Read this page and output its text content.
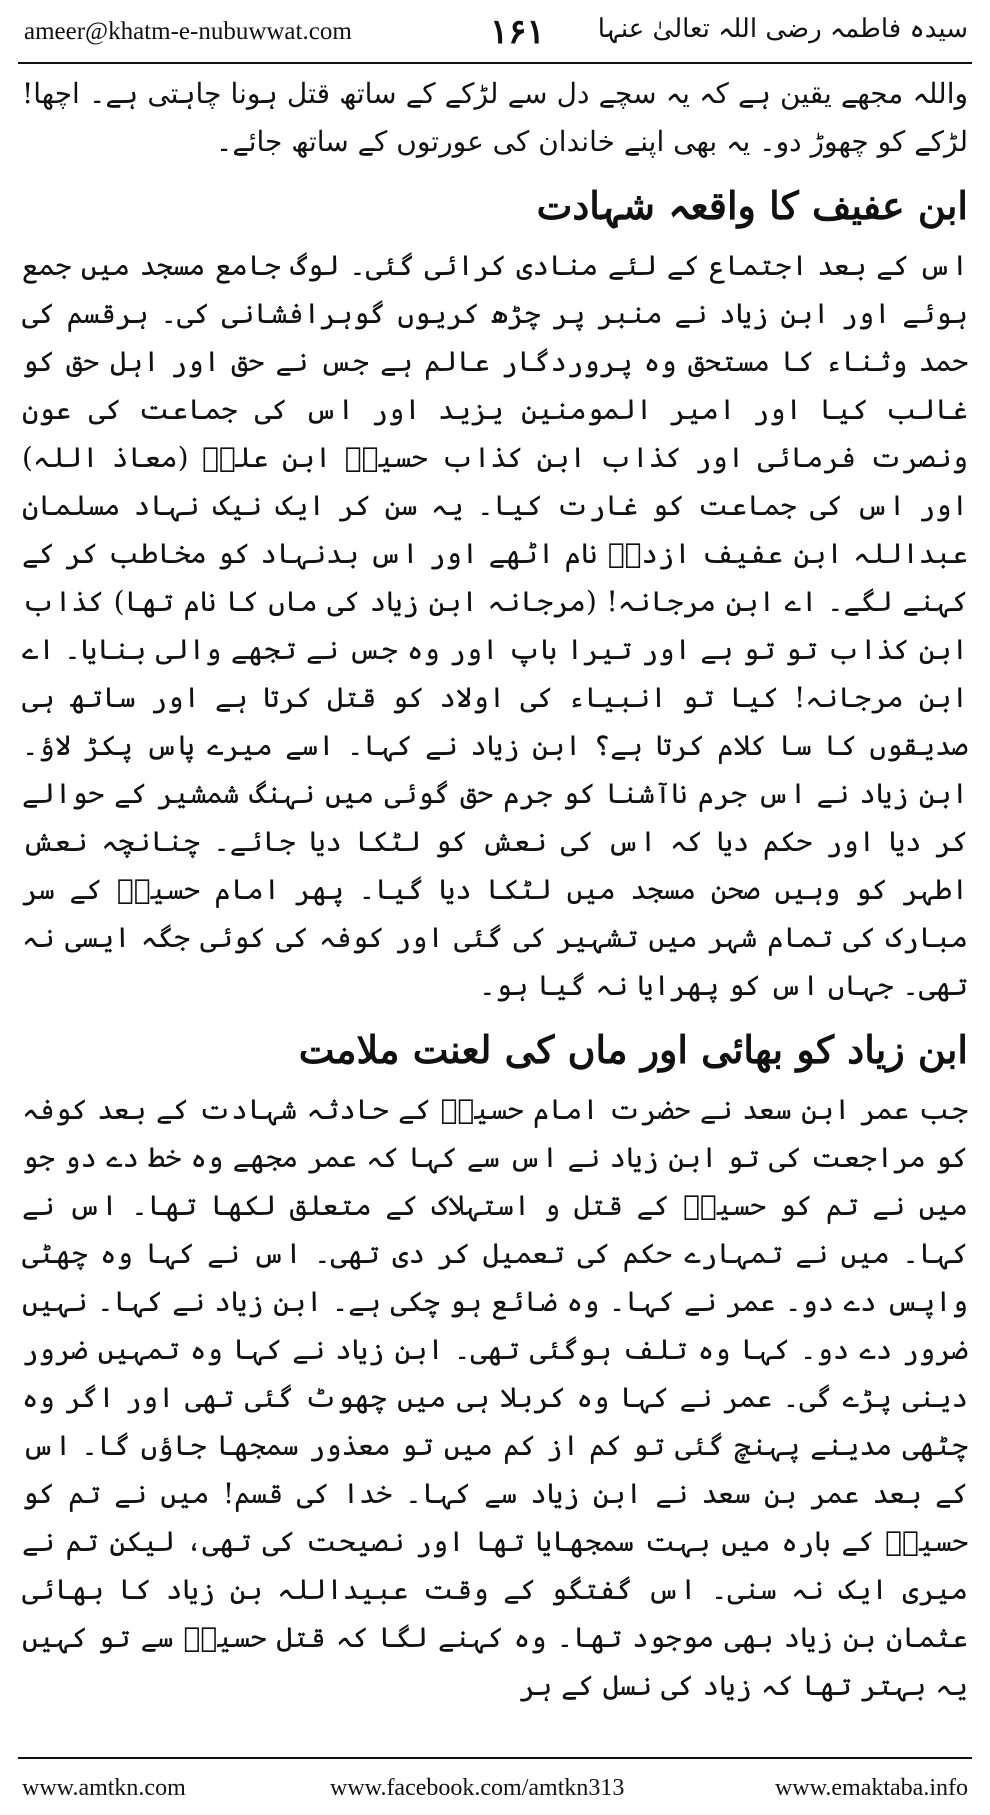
ameer@khatm-e-nubuwwat.com	۱۶۱ سیدہ فاطمہ رضی اللہ تعالیٰ عنہا

واللہ مجھے یقین ہے کہ یہ سچے دل سے لڑکے کے ساتھ قتل ہونا چاہتی ہے۔ اچھا! لڑکے کو چھوڑ دو۔ یہ بھی اپنے خاندان کی عورتوں کے ساتھ جائے۔

ابن عفیف کا واقعہ شہادت

اس کے بعد اجتماع کے لئے منادی کرائی گئی۔ لوگ جامع مسجد میں جمع ہوئے اور ابن زیاد نے منبر پر چڑھ کریوں گوہرافشانی کی۔ ہرقسم کی حمد وثناء کا مستحق وہ پروردگار عالم ہے جس نے حق اور اہل حق کو غالب کیا اور امیر المومنین یزید اور اس کی جماعت کی عون ونصرت فرمائی اور کذاب ابن کذاب حسینؓ ابن علیؓ (معاذ اللہ) اور اس کی جماعت کو غارت کیا۔ یہ سن کر ایک نیک نہاد مسلمان عبداللہ ابن عفیف ازدیؒ نام اٹھے اور اس بدنہاد کو مخاطب کر کے کہنے لگے۔ اے ابن مرجانہ! (مرجانہ ابن زیاد کی ماں کا نام تھا) کذاب ابن کذاب تو تو ہے اور تیرا باپ اور وہ جس نے تجھے والی بنایا۔ اے ابن مرجانہ! کیا تو انبیاء کی اولاد کو قتل کرتا ہے اور ساتھ ہی صدیقوں کا سا کلام کرتا ہے؟ ابن زیاد نے کہا۔ اسے میرے پاس پکڑ لاؤ۔ ابن زیاد نے اس جرم ناآشنا کو جرم حق گوئی میں نہنگ شمشیر کے حوالے کر دیا اور حکم دیا کہ اس کی نعش کو لٹکا دیا جائے۔ چنانچہ نعش اطہر کو وہیں صحن مسجد میں لٹکا دیا گیا۔ پھر امام حسینؓ کے سر مبارک کی تمام شہر میں تشہیر کی گئی اور کوفہ کی کوئی جگہ ایسی نہ تھی۔ جہاں اس کو پھرایا نہ گیا ہو۔

ابن زیاد کو بھائی اور ماں کی لعنت ملامت

جب عمر ابن سعد نے حضرت امام حسینؓ کے حادثہ شہادت کے بعد کوفہ کو مراجعت کی تو ابن زیاد نے اس سے کہا کہ عمر مجھے وہ خط دے دو جو میں نے تم کو حسینؓ کے قتل و استہلاک کے متعلق لکھا تھا۔ اس نے کہا۔ میں نے تمہارے حکم کی تعمیل کر دی تھی۔ اس نے کہا وہ چھٹی واپس دے دو۔ عمر نے کہا۔ وہ ضائع ہو چکی ہے۔ ابن زیاد نے کہا۔ نہیں ضرور دے دو۔ کہا وہ تلف ہوگئی تھی۔ ابن زیاد نے کہا وہ تمہیں ضرور دینی پڑے گی۔ عمر نے کہا وہ کربلا ہی میں چھوٹ گئی تھی اور اگر وہ چٹھی مدینے پہنچ گئی تو کم از کم میں تو معذور سمجھا جاؤں گا۔ اس کے بعد عمر بن سعد نے ابن زیاد سے کہا۔ خدا کی قسم! میں نے تم کو حسینؓ کے بارہ میں بہت سمجھایا تھا اور نصیحت کی تھی، لیکن تم نے میری ایک نہ سنی۔ اس گفتگو کے وقت عبیداللہ بن زیاد کا بھائی عثمان بن زیاد بھی موجود تھا۔ وہ کہنے لگا کہ قتل حسینؓ سے تو کہیں یہ بہتر تھا کہ زیاد کی نسل کے ہر

www.amtkn.com	www.facebook.com/amtkn313	www.emaktaba.info
